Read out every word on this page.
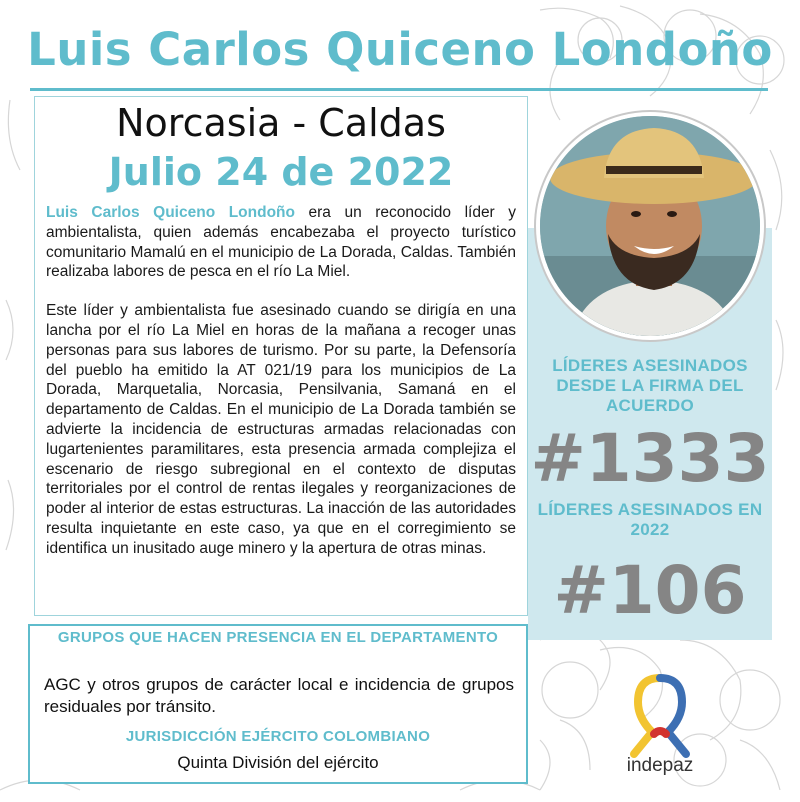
Luis Carlos Quiceno Londoño
Norcasia - Caldas
Julio 24 de 2022

Luis Carlos Quiceno Londoño era un reconocido líder y ambientalista, quien además encabezaba el proyecto turístico comunitario Mamalú en el municipio de La Dorada, Caldas. También realizaba labores de pesca en el río La Miel.

Este líder y ambientalista fue asesinado cuando se dirigía en una lancha por el río La Miel en horas de la mañana a recoger unas personas para sus labores de turismo. Por su parte, la Defensoría del pueblo ha emitido la AT 021/19 para los municipios de La Dorada, Marquetalia, Norcasia, Pensilvania, Samaná en el departamento de Caldas. En el municipio de La Dorada también se advierte la incidencia de estructuras armadas relacionadas con lugartenientes paramilitares, esta presencia armada complejiza el escenario de riesgo subregional en el contexto de disputas territoriales por el control de rentas ilegales y reorganizaciones de poder al interior de estas estructuras. La inacción de las autoridades resulta inquietante en este caso, ya que en el corregimiento se identifica un inusitado auge minero y la apertura de otras minas.

GRUPOS QUE HACEN PRESENCIA EN EL DEPARTAMENTO
AGC y otros grupos de carácter local e incidencia de grupos residuales por tránsito.
JURISDICCIÓN EJÉRCITO COLOMBIANO
Quinta División del ejército
LÍDERES ASESINADOS DESDE LA FIRMA DEL ACUERDO
#1333
LÍDERES ASESINADOS EN 2022
#106
indepaz
